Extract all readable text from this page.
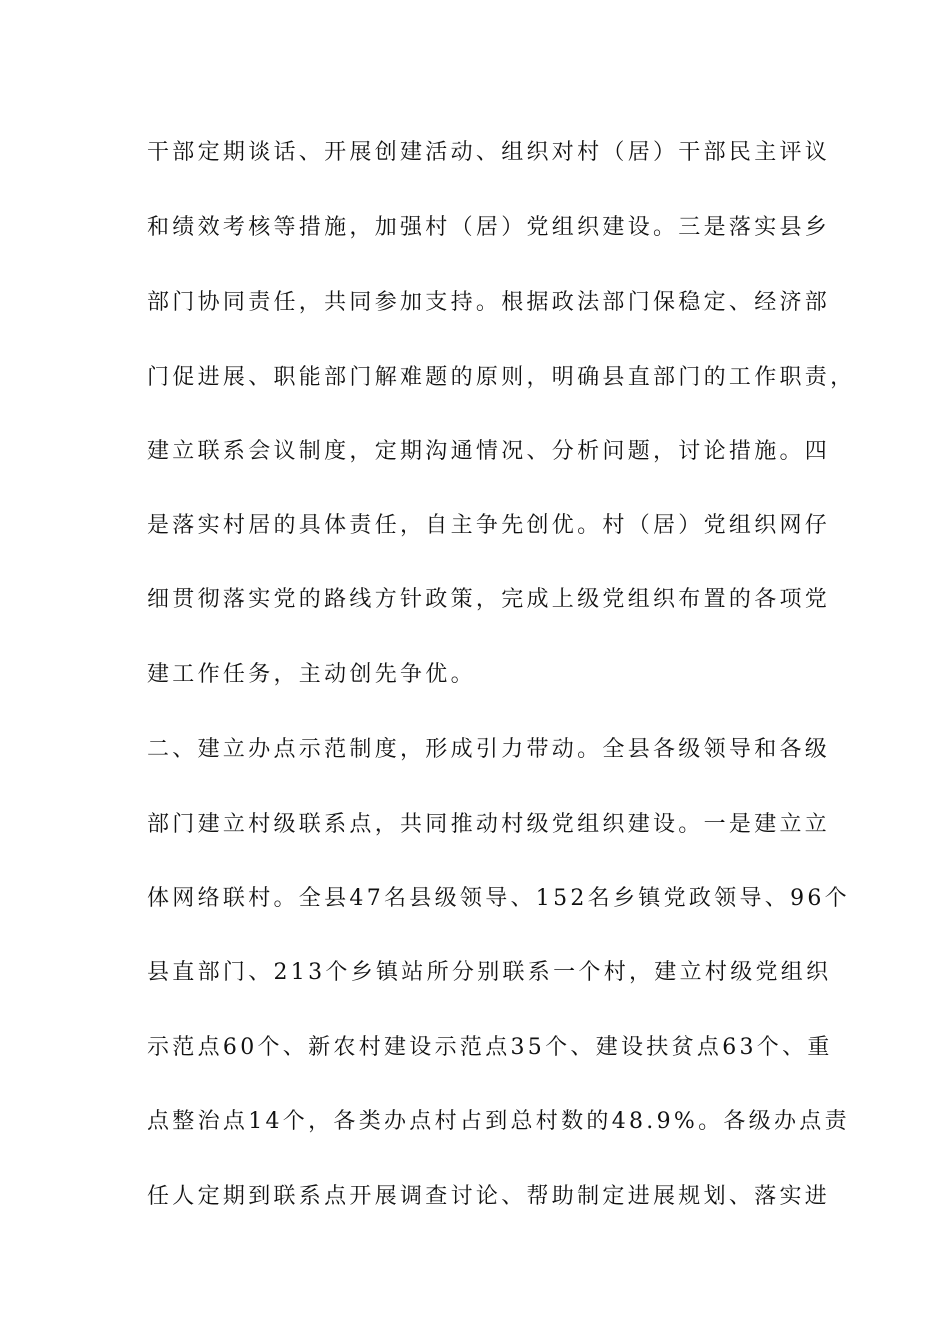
干部定期谈话、开展创建活动、组织对村（居）干部民主评议
和绩效考核等措施，加强村（居）党组织建设。三是落实县乡
部门协同责任，共同参加支持。根据政法部门保稳定、经济部
门促进展、职能部门解难题的原则，明确县直部门的工作职责，
建立联系会议制度，定期沟通情况、分析问题，讨论措施。四
是落实村居的具体责任，自主争先创优。村（居）党组织网仔
细贯彻落实党的路线方针政策，完成上级党组织布置的各项党
建工作任务，主动创先争优。
二、建立办点示范制度，形成引力带动。全县各级领导和各级
部门建立村级联系点，共同推动村级党组织建设。一是建立立
体网络联村。全县47名县级领导、152名乡镇党政领导、96个
县直部门、213个乡镇站所分别联系一个村，建立村级党组织
示范点60个、新农村建设示范点35个、建设扶贫点63个、重
点整治点14个，各类办点村占到总村数的48.9%。各级办点责
任人定期到联系点开展调查讨论、帮助制定进展规划、落实进
